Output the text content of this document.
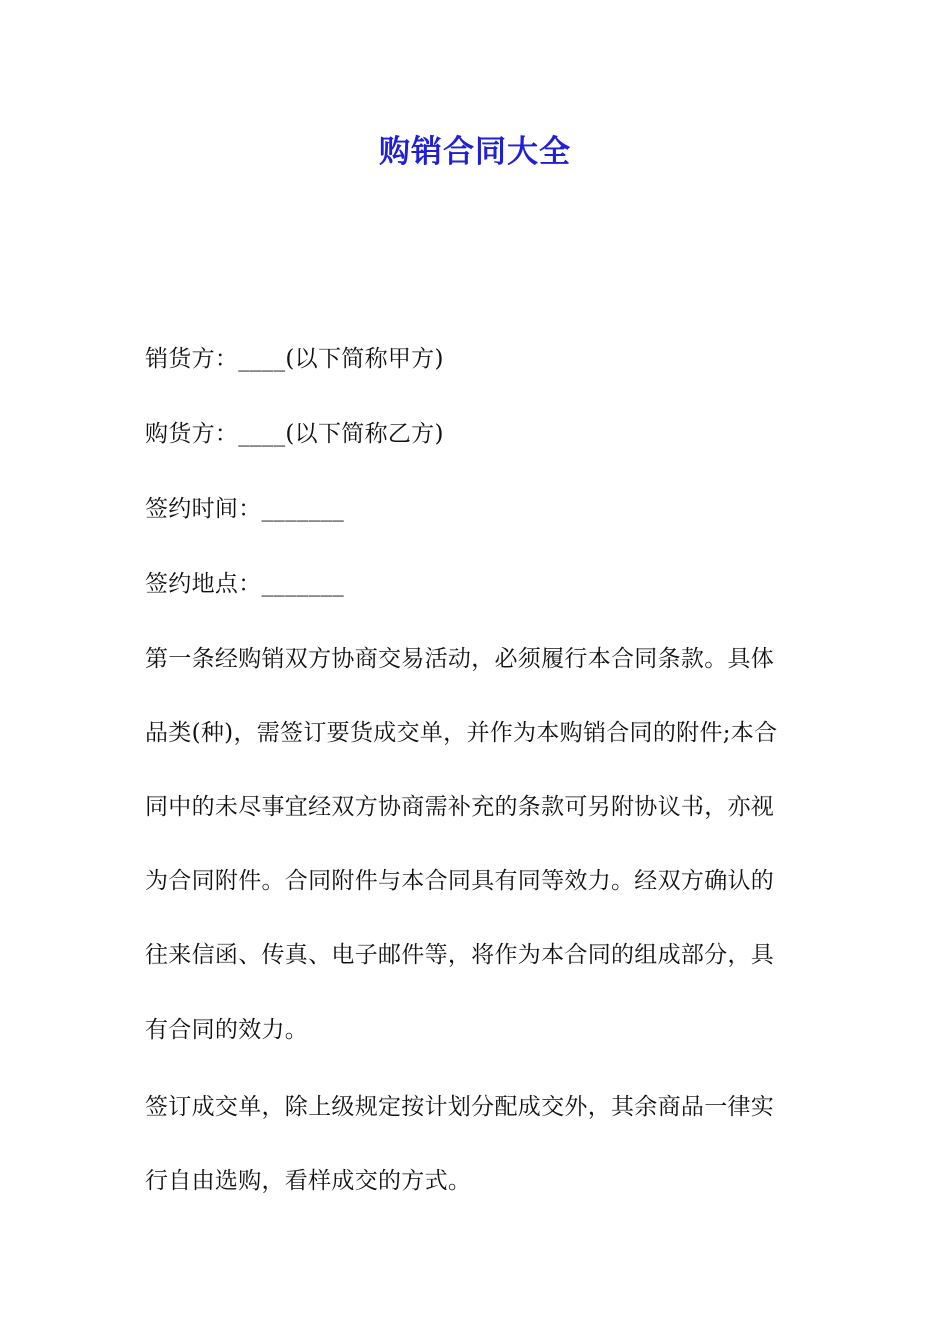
购销合同大全
销货方：____(以下简称甲方)
购货方：____(以下简称乙方)
签约时间：_______
签约地点：_______
第一条经购销双方协商交易活动，必须履行本合同条款。具体
品类(种)，需签订要货成交单，并作为本购销合同的附件;本合
同中的未尽事宜经双方协商需补充的条款可另附协议书，亦视
为合同附件。合同附件与本合同具有同等效力。经双方确认的
往来信函、传真、电子邮件等，将作为本合同的组成部分，具
有合同的效力。
签订成交单，除上级规定按计划分配成交外，其余商品一律实
行自由选购，看样成交的方式。
